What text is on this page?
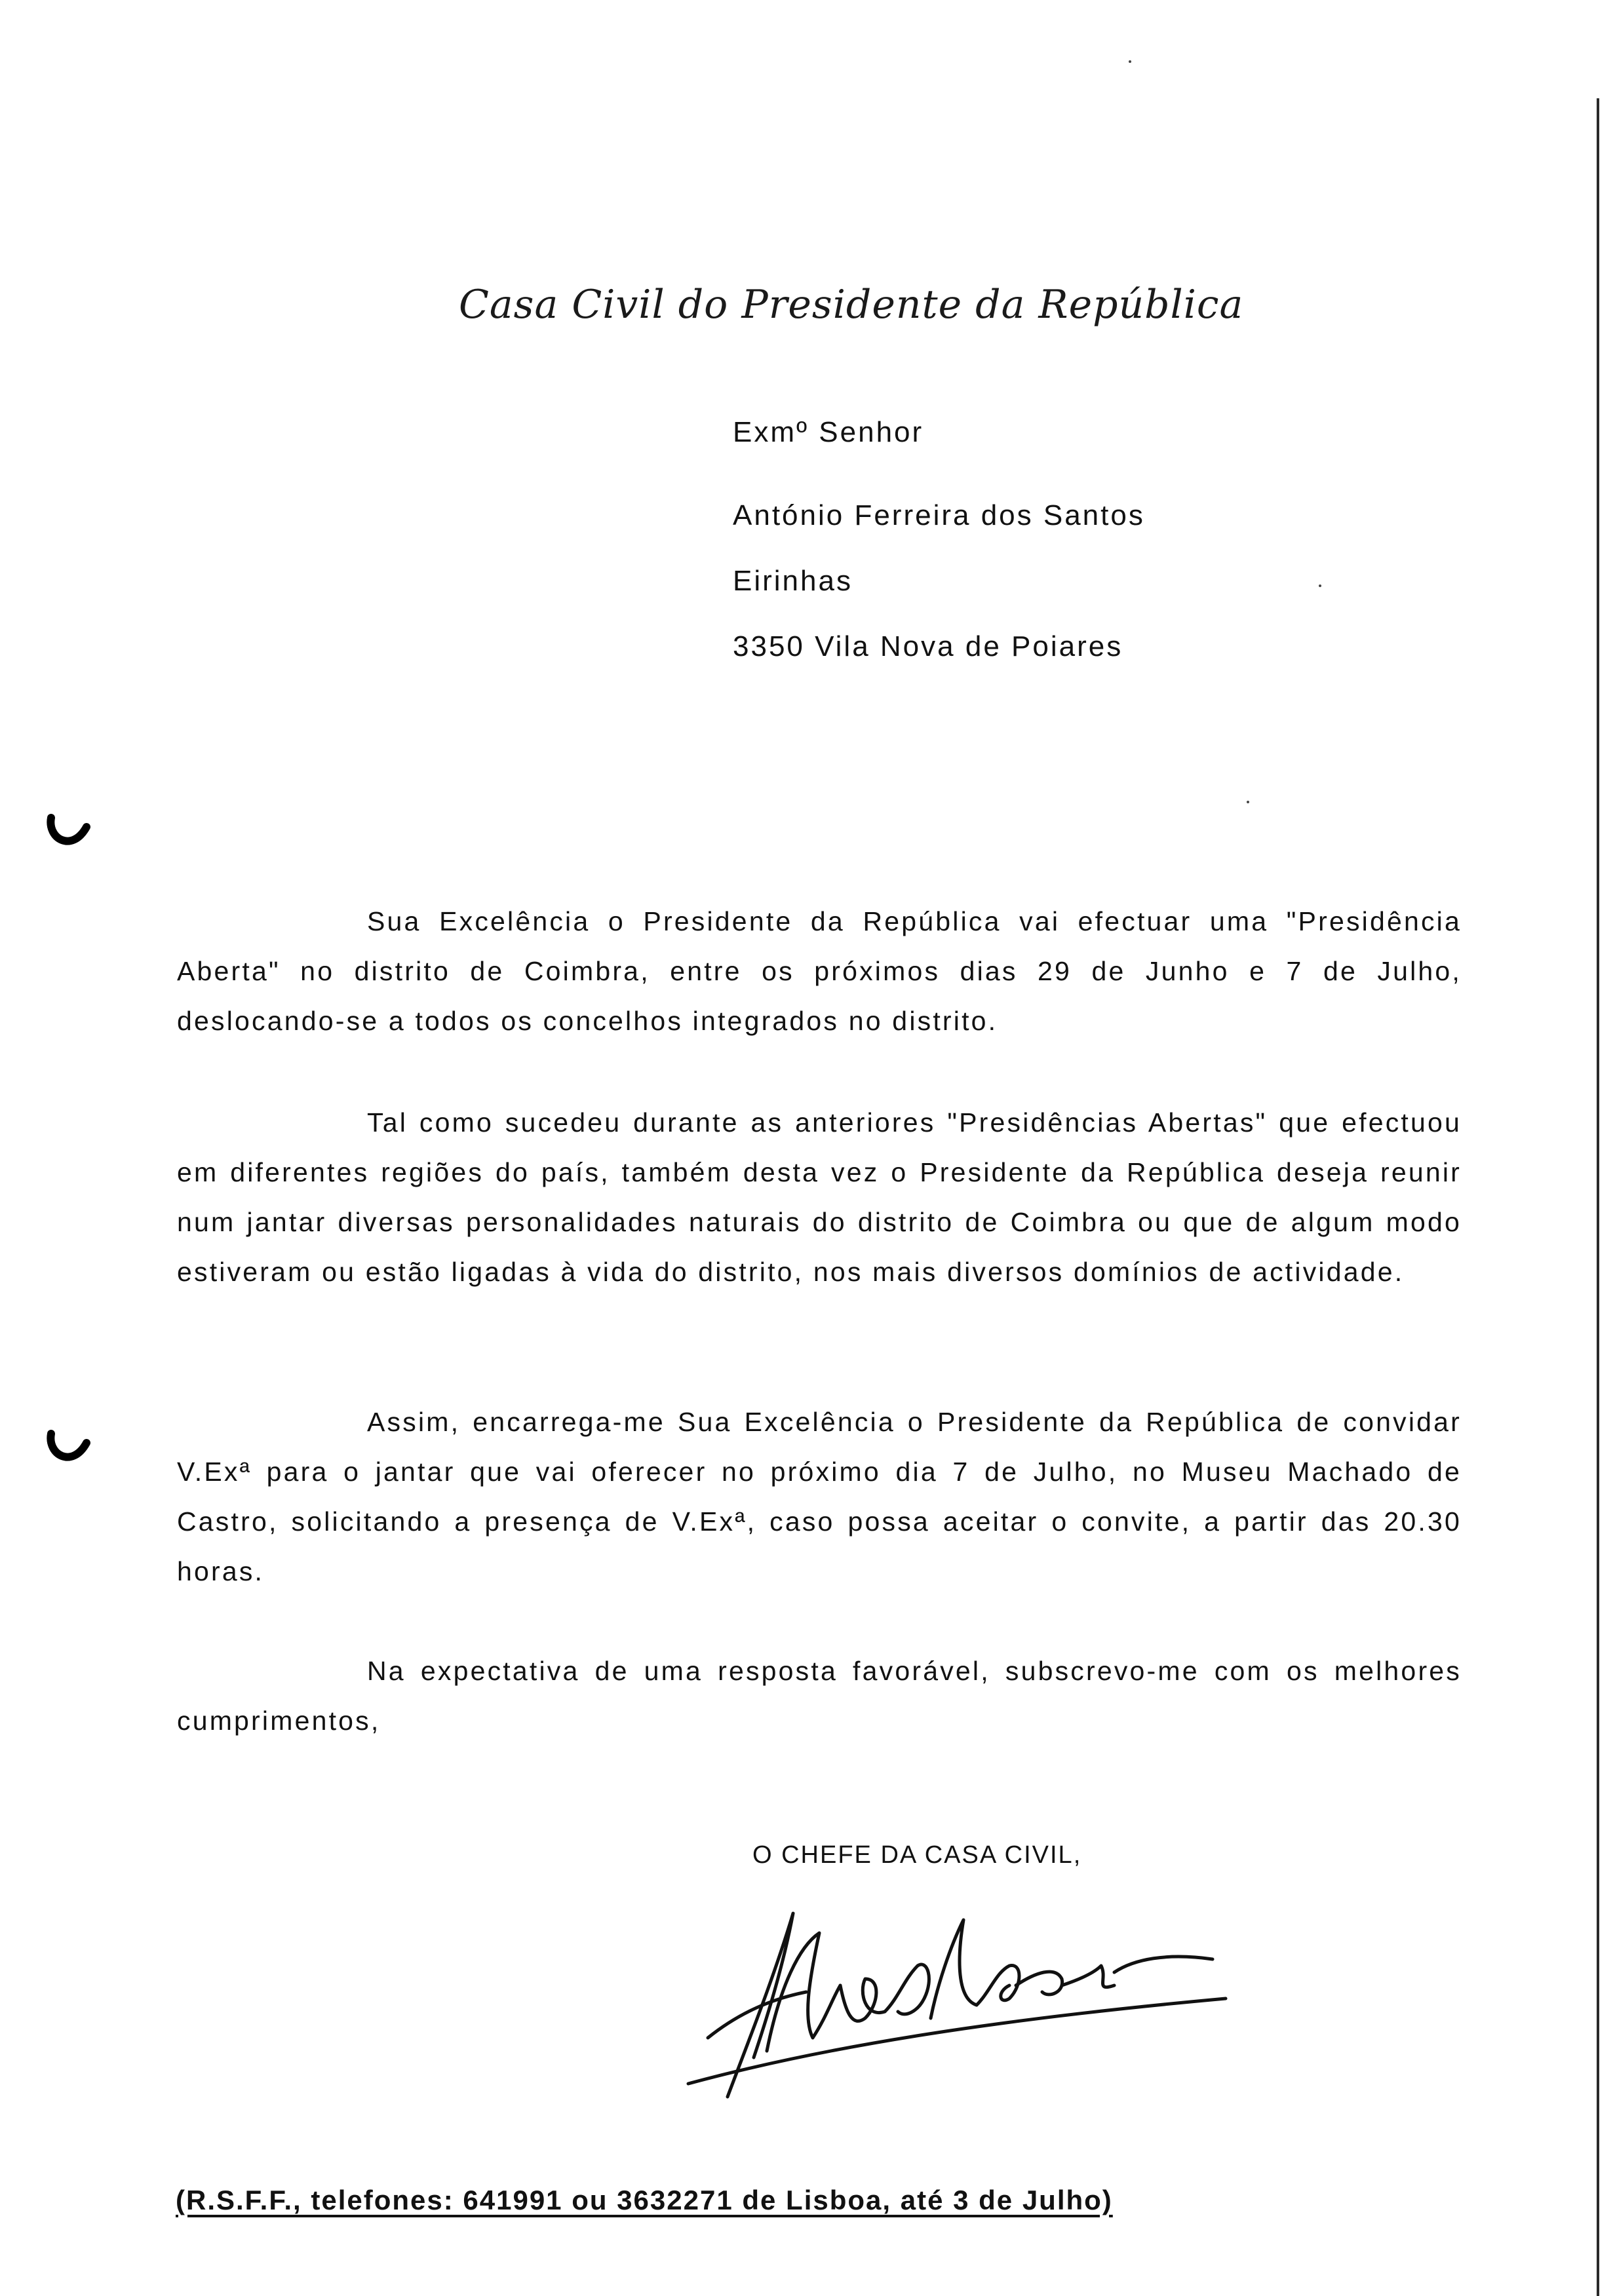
Casa Civil do Presidente da República
Exmº Senhor
António Ferreira dos Santos
Eirinhas
3350 Vila Nova de Poiares

Sua Excelência o Presidente da República vai efectuar uma "Presidência Aberta" no distrito de Coimbra, entre os próximos dias 29 de Junho e 7 de Julho, deslocando-se a todos os concelhos integrados no distrito.

Tal como sucedeu durante as anteriores "Presidências Abertas" que efectuou em diferentes regiões do país, também desta vez o Presidente da República deseja reunir num jantar diversas personalidades naturais do distrito de Coimbra ou que de algum modo estiveram ou estão ligadas à vida do distrito, nos mais diversos domínios de actividade.

Assim, encarrega-me Sua Excelência o Presidente da República de convidar V.Exª para o jantar que vai oferecer no próximo dia 7 de Julho, no Museu Machado de Castro, solicitando a presença de V.Exª, caso possa aceitar o convite, a partir das 20.30 horas.

Na expectativa de uma resposta favorável, subscrevo-me com os melhores cumprimentos,

O CHEFE DA CASA CIVIL,
(R.S.F.F., telefones: 641991 ou 3632271 de Lisboa, até 3 de Julho)
